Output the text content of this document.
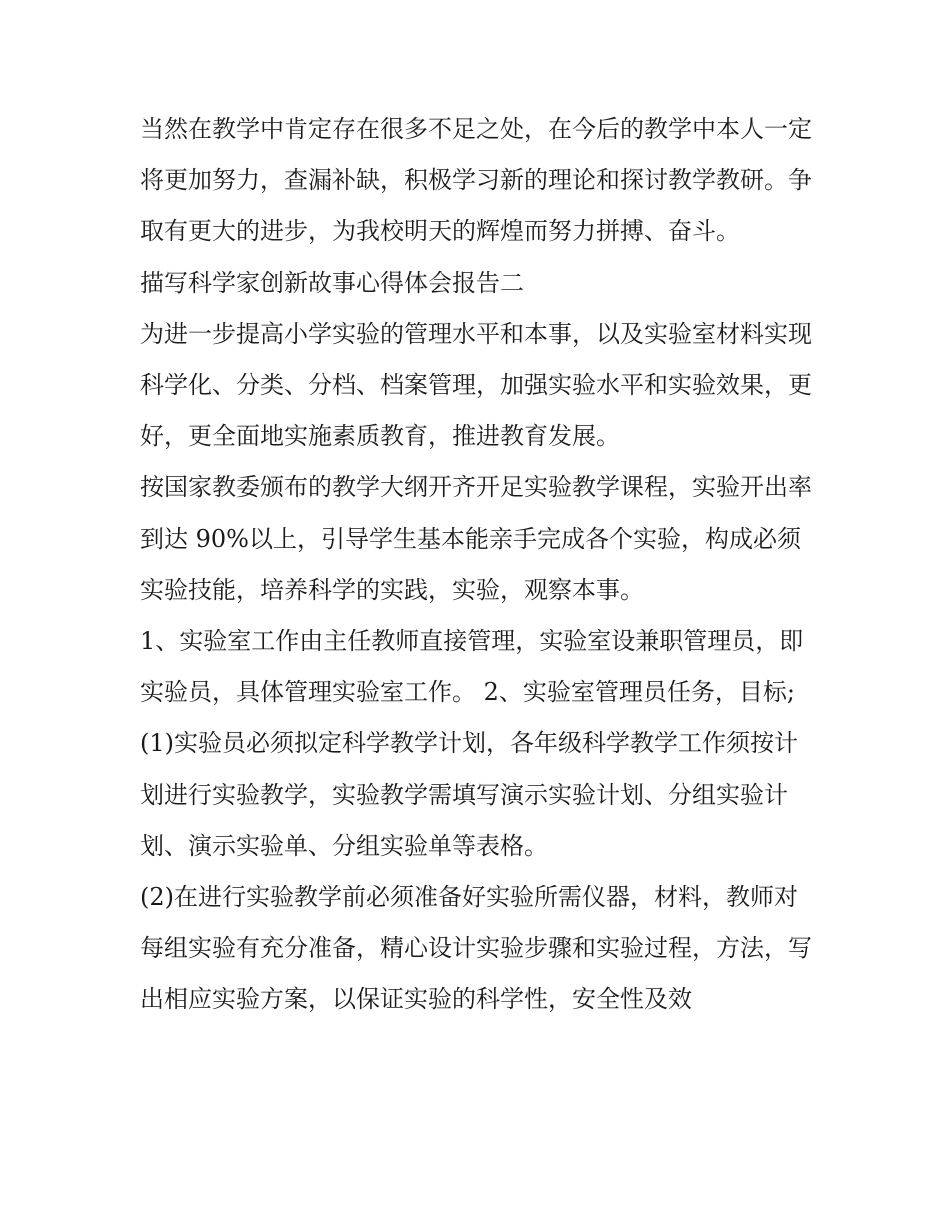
当然在教学中肯定存在很多不足之处，在今后的教学中本人一定将更加努力，查漏补缺，积极学习新的理论和探讨教学教研。争取有更大的进步，为我校明天的辉煌而努力拼搏、奋斗。

描写科学家创新故事心得体会报告二

为进一步提高小学实验的管理水平和本事，以及实验室材料实现科学化、分类、分档、档案管理，加强实验水平和实验效果，更好，更全面地实施素质教育，推进教育发展。

按国家教委颁布的教学大纲开齐开足实验教学课程，实验开出率到达 90%以上，引导学生基本能亲手完成各个实验，构成必须实验技能，培养科学的实践，实验，观察本事。

1、实验室工作由主任教师直接管理，实验室设兼职管理员，即实验员，具体管理实验室工作。 2、实验室管理员任务，目标;

(1)实验员必须拟定科学教学计划，各年级科学教学工作须按计划进行实验教学，实验教学需填写演示实验计划、分组实验计划、演示实验单、分组实验单等表格。

(2)在进行实验教学前必须准备好实验所需仪器，材料，教师对每组实验有充分准备，精心设计实验步骤和实验过程，方法，写出相应实验方案，以保证实验的科学性，安全性及效
